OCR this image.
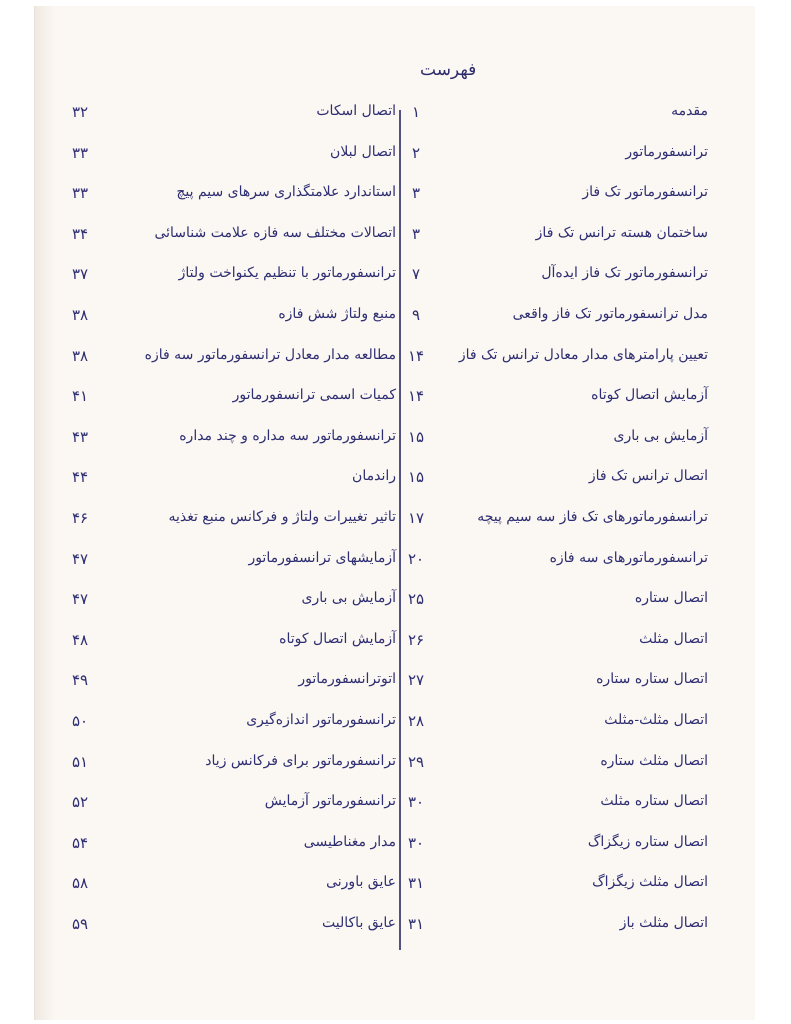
فهرست
مقدمه
۱
اتصال اسکات
۳۲
ترانسفورماتور
۲
اتصال لبلان
۳۳
ترانسفورماتور تک فاز
۳
استاندارد علامتگذاری سرهای سیم پیچ
۳۳
ساختمان هسته ترانس تک فاز
۳
اتصالات مختلف سه فازه علامت شناسائی
۳۴
ترانسفورماتور تک فاز ایده‌آل
۷
ترانسفورماتور با تنظیم یکنواخت ولتاژ
۳۷
مدل ترانسفورماتور تک فاز واقعی
۹
منبع ولتاژ شش فازه
۳۸
تعیین پارامترهای مدار معادل ترانس تک فاز
۱۴
مطالعه مدار معادل ترانسفورماتور سه فازه
۳۸
آزمایش اتصال کوتاه
۱۴
کمیات اسمی ترانسفورماتور
۴۱
آزمایش بی باری
۱۵
ترانسفورماتور سه مداره و چند مداره
۴۳
اتصال ترانس تک فاز
۱۵
راندمان
۴۴
ترانسفورماتورهای تک فاز سه سیم پیچه
۱۷
تاثیر تغییرات ولتاژ و فرکانس منبع تغذیه
۴۶
ترانسفورماتورهای سه فازه
۲۰
آزمایشهای ترانسفورماتور
۴۷
اتصال ستاره
۲۵
آزمایش بی باری
۴۷
اتصال مثلث
۲۶
آزمایش اتصال کوتاه
۴۸
اتصال ستاره ستاره
۲۷
اتوترانسفورماتور
۴۹
اتصال مثلث-مثلث
۲۸
ترانسفورماتور اندازه‌گیری
۵۰
اتصال مثلث ستاره
۲۹
ترانسفورماتور برای فرکانس زیاد
۵۱
اتصال ستاره مثلث
۳۰
ترانسفورماتور آزمایش
۵۲
اتصال ستاره زیگزاگ
۳۰
مدار مغناطیسی
۵۴
اتصال مثلث زیگزاگ
۳۱
عایق باورنی
۵۸
اتصال مثلث باز
۳۱
عایق باکالیت
۵۹
